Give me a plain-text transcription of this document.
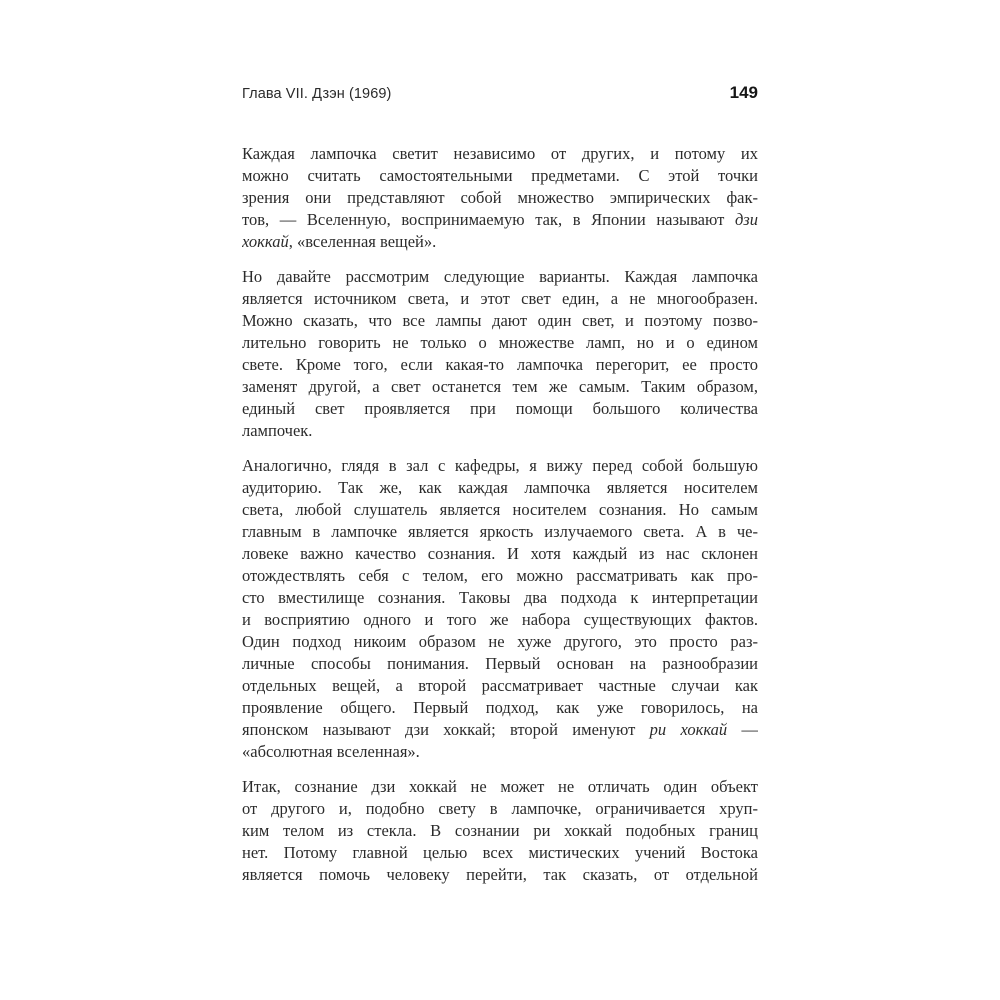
Глава VII. Дзэн (1969)	149
Каждая лампочка светит независимо от других, и потому их
можно считать самостоятельными предметами. С этой точки
зрения они представляют собой множество эмпирических фак-
тов, — Вселенную, воспринимаемую так, в Японии называют дзи
хоккай, «вселенная вещей».
Но давайте рассмотрим следующие варианты. Каждая лампочка
является источником света, и этот свет един, а не многообразен.
Можно сказать, что все лампы дают один свет, и поэтому позво-
лительно говорить не только о множестве ламп, но и о едином
свете. Кроме того, если какая-то лампочка перегорит, ее просто
заменят другой, а свет останется тем же самым. Таким образом,
единый свет проявляется при помощи большого количества
лампочек.
Аналогично, глядя в зал с кафедры, я вижу перед собой большую
аудиторию. Так же, как каждая лампочка является носителем
света, любой слушатель является носителем сознания. Но самым
главным в лампочке является яркость излучаемого света. А в че-
ловеке важно качество сознания. И хотя каждый из нас склонен
отождествлять себя с телом, его можно рассматривать как про-
сто вместилище сознания. Таковы два подхода к интерпретации
и восприятию одного и того же набора существующих фактов.
Один подход никоим образом не хуже другого, это просто раз-
личные способы понимания. Первый основан на разнообразии
отдельных вещей, а второй рассматривает частные случаи как
проявление общего. Первый подход, как уже говорилось, на
японском называют дзи хоккай; второй именуют ри хоккай —
«абсолютная вселенная».
Итак, сознание дзи хоккай не может не отличать один объект
от другого и, подобно свету в лампочке, ограничивается хруп-
ким телом из стекла. В сознании ри хоккай подобных границ
нет. Потому главной целью всех мистических учений Востока
является помочь человеку перейти, так сказать, от отдельной
